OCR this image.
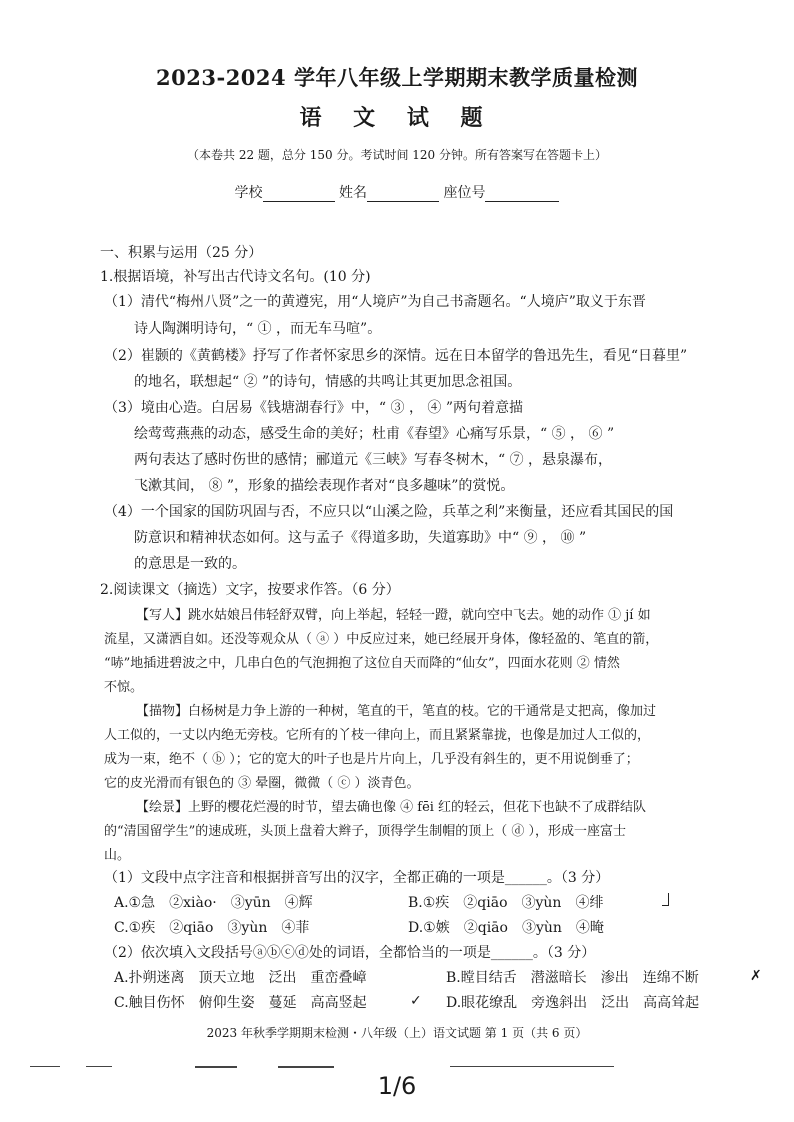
2023-2024 学年八年级上学期期末教学质量检测
语 文 试 题
（本卷共 22 题，总分 150 分。考试时间 120 分钟。所有答案写在答题卡上）
学校	姓名	座位号
一、积累与运用（25 分）
1.根据语境，补写出古代诗文名句。(10 分)
（1）清代“梅州八贤”之一的黄遵宪，用“人境庐”为自己书斋题名。“人境庐”取义于东晋
诗人陶渊明诗句，“ ① ，而无车马喧”。
（2）崔颢的《黄鹤楼》抒写了作者怀家思乡的深情。远在日本留学的鲁迅先生，看见“日暮里”
的地名，联想起“ ② ”的诗句，情感的共鸣让其更加思念祖国。
（3）境由心造。白居易《钱塘湖春行》中，“ ③ ， ④ ”两句着意描
绘莺莺燕燕的动态，感受生命的美好；杜甫《春望》心痛写乐景，“ ⑤ ， ⑥ ”
两句表达了感时伤世的感情；郦道元《三峡》写春冬树木，“ ⑦ ，悬泉瀑布，
飞漱其间， ⑧ ”，形象的描绘表现作者对“良多趣味”的赏悦。
（4）一个国家的国防巩固与否，不应只以“山溪之险，兵革之利”来衡量，还应看其国民的国
防意识和精神状态如何。这与孟子《得道多助，失道寡助》中“ ⑨ ， ⑩ ”
的意思是一致的。
2.阅读课文（摘选）文字，按要求作答。（6 分）
【写人】跳水姑娘吕伟轻舒双臂，向上举起，轻轻一蹬，就向空中飞去。她的动作 ① jí 如
流星，又潇洒自如。还没等观众从（ ⓐ ）中反应过来，她已经展开身体，像轻盈的、笔直的箭，
“哧”地插进碧波之中，几串白色的气泡拥抱了这位自天而降的“仙女”，四面水花则 ② 情然
不惊。
【描物】白杨树是力争上游的一种树，笔直的干，笔直的枝。它的干通常是丈把高，像加过
人工似的，一丈以内绝无旁枝。它所有的丫枝一律向上，而且紧紧靠拢，也像是加过人工似的，
成为一束，绝不（ ⓑ ）；它的宽大的叶子也是片片向上，几乎没有斜生的，更不用说倒垂了；
它的皮光滑而有银色的 ③ 晕圈，微微（ ⓒ ）淡青色。
【绘景】上野的樱花烂漫的时节，望去确也像 ④ fēi 红的轻云，但花下也缺不了成群结队
的“清国留学生”的速成班，头顶上盘着大辫子，顶得学生制帽的顶上（ ⓓ ），形成一座富士
山。
（1）文段中点字注音和根据拼音写出的汉字，全都正确的一项是______。（3 分）
A.①急　②xiào·　③yūn　④辉	B.①疾　②qiāo　③yùn　④绯
C.①疾　②qiāo　③yùn　④菲	D.①嫉　②qiāo　③yùn　④晻
（2）依次填入文段括号ⓐⓑⓒⓓ处的词语，全都恰当的一项是______。（3 分）
A.扑朔迷离　顶天立地　泛出　重峦叠嶂	B.瞠目结舌　潜滋暗长　渗出　连绵不断	✗
C.触目伤怀　俯仰生姿　蔓延　高高竖起	✓ D.眼花缭乱　旁逸斜出　泛出　高高耸起
2023 年秋季学期期末检测・八年级（上）语文试题 第 1 页（共 6 页）
1/6
